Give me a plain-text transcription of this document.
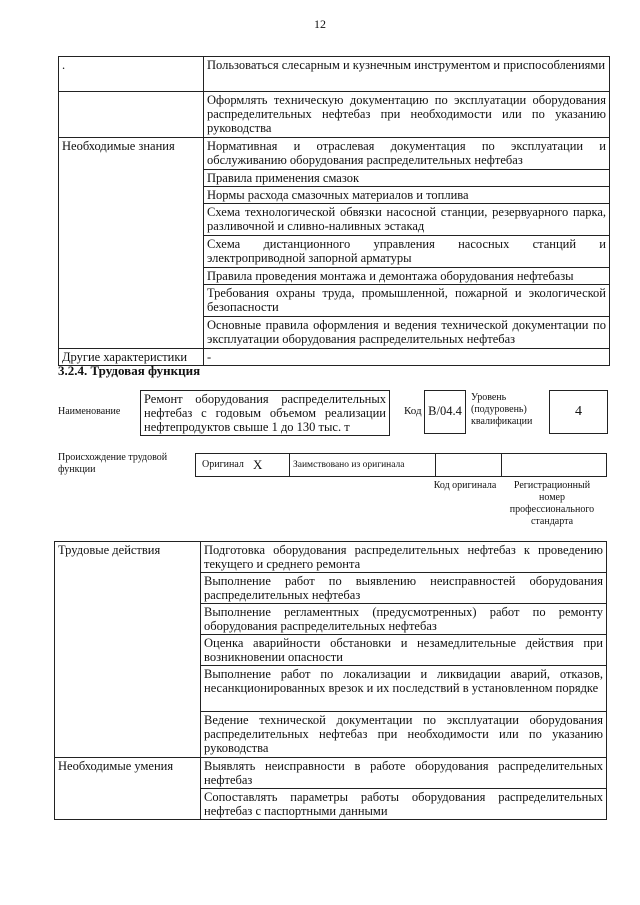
12
.	Пользоваться слесарным и кузнечным инструментом и приспособлениями
	Оформлять техническую документацию по эксплуатации оборудования распределительных нефтебаз при необходимости или по указанию руководства
Необходимые знания	Нормативная и отраслевая документация по эксплуатации и обслуживанию оборудования распределительных нефтебаз
	Правила применения смазок
	Нормы расхода смазочных материалов и топлива
	Схема технологической обвязки насосной станции, резервуарного парка, разливочной и сливно-наливных эстакад
	Схема дистанционного управления насосных станций и электроприводной запорной арматуры
	Правила проведения монтажа и демонтажа оборудования нефтебазы
	Требования охраны труда, промышленной, пожарной и экологической безопасности
	Основные правила оформления и ведения технической документации по эксплуатации оборудования распределительных нефтебаз
Другие характеристики	-
3.2.4. Трудовая функция
Наименование
Ремонт оборудования распределительных нефтебаз с годовым объемом реализации нефтепродуктов свыше 1 до 130 тыс. т
Код В/04.4
Уровень (подуровень) квалификации
4
Происхождение трудовой функции	Оригинал X	Заимствовано из оригинала
Код оригинала	Регистрационный номер профессионального стандарта
Трудовые действия	Подготовка оборудования распределительных нефтебаз к проведению текущего и среднего ремонта
	Выполнение работ по выявлению неисправностей оборудования распределительных нефтебаз
	Выполнение регламентных (предусмотренных) работ по ремонту оборудования распределительных нефтебаз
	Оценка аварийности обстановки и незамедлительные действия при возникновении опасности
	Выполнение работ по локализации и ликвидации аварий, отказов, несанкционированных врезок и их последствий в установленном порядке
	Ведение технической документации по эксплуатации оборудования распределительных нефтебаз при необходимости или по указанию руководства
Необходимые умения	Выявлять неисправности в работе оборудования распределительных нефтебаз
	Сопоставлять параметры работы оборудования распределительных нефтебаз с паспортными данными
